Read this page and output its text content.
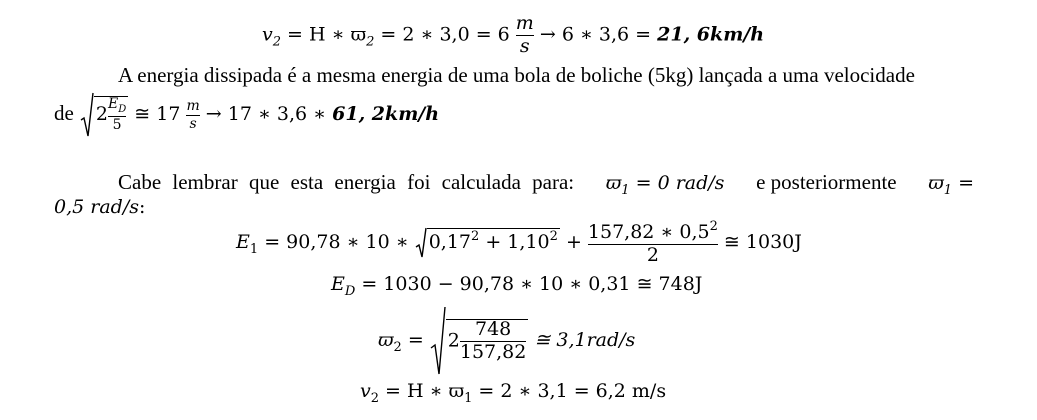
$v_2 = H$ ∗ $ϖ_2 = 2$ ∗ $3,0 = 6 \frac{m}{s} \to 6$ ∗ 3,6 = 21, 6km/h
A energia dissipada é a mesma energia de uma bola de boliche (5kg) lançada a uma velocidade
de $2 \frac{E_D}{5}$ ≅ $17 \frac{m}{s} \to 17$ ∗ 3,6 ∗ 61, 2km/h
Cabe lembrar que esta energia foi calculada para: $ϖ_1 = 0$ rad/s e posteriormente $ϖ_1$ =
0,5 rad/s:
$E_1 = 90,78$ ∗ 10 ∗ $0,17^2 + 1,10^2 + \frac{157,82 ∗ 0,5^2}{2}$ ≅ 1030J
$E_D = 1030 - 90,78$ ∗ 10 ∗ 0,31 ≅ 748J
$ϖ_2 = 2 \frac{748}{157,82}$ ≅ 3,1rad/s
$v_2 = H$ ∗ $ϖ_1 = 2$ ∗ 3,1 = 6,2 m/s
